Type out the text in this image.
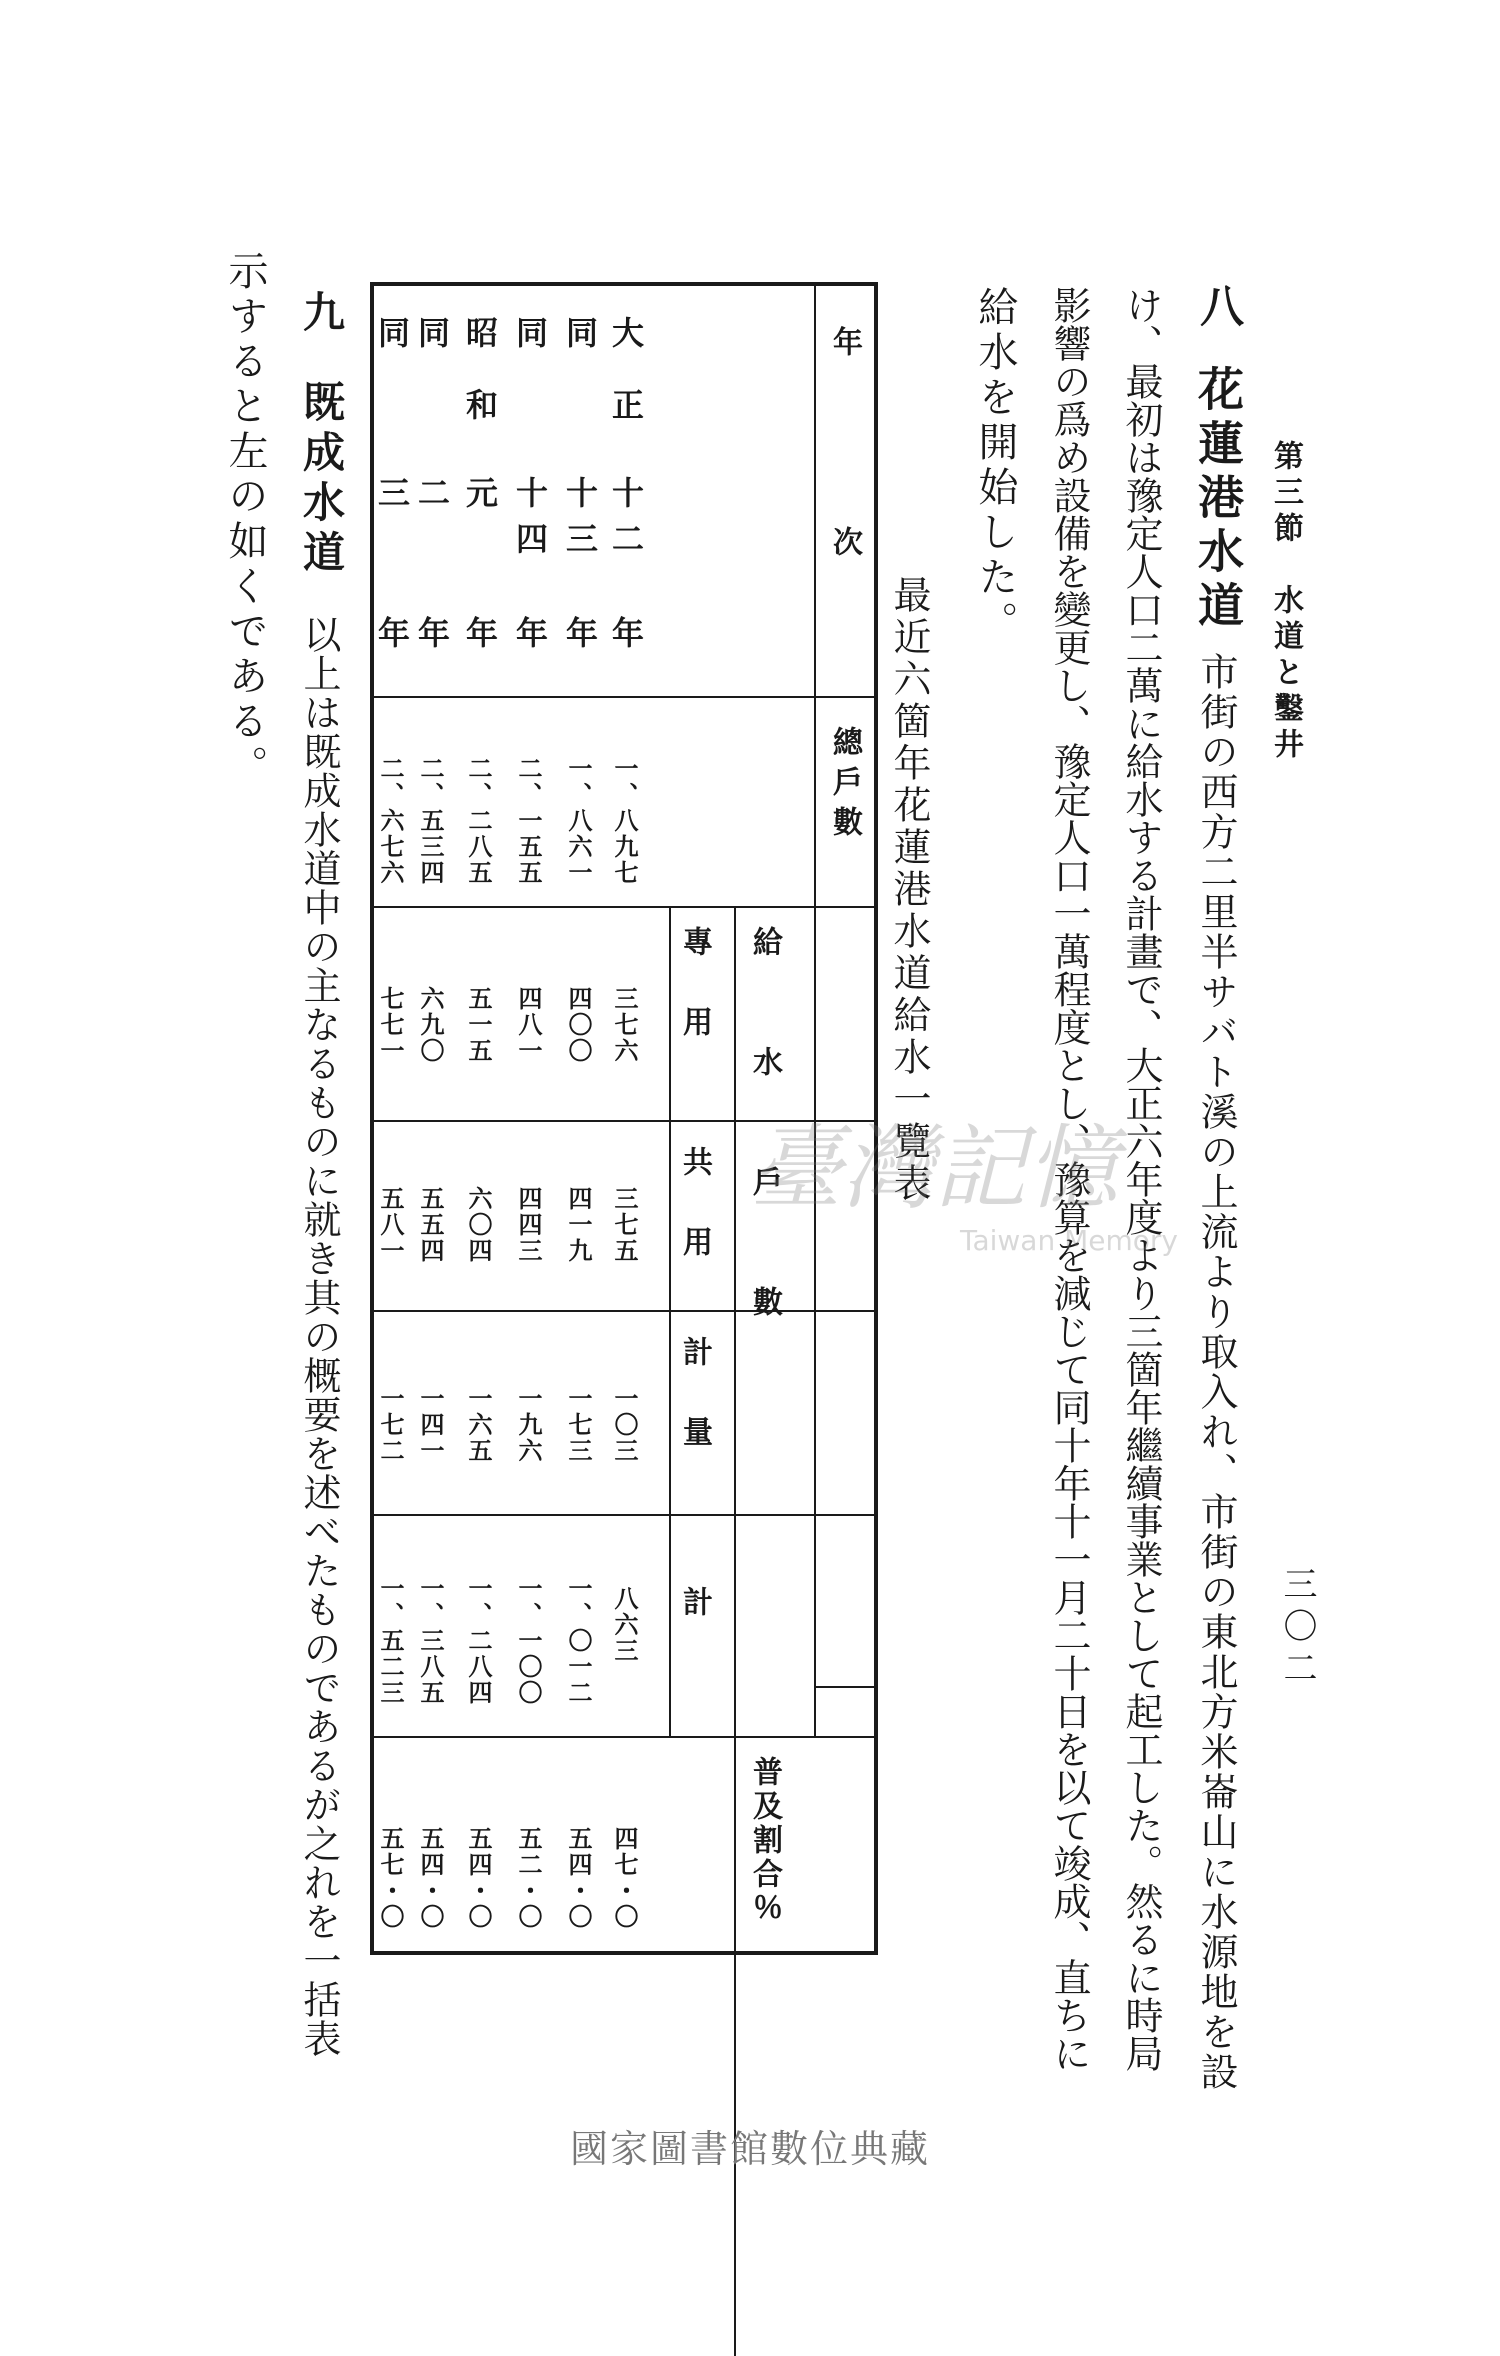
第三節　水道と鑿井
三〇二
八
花蓮港水道
市街の西方二里半サバト溪の上流より取入れ、市街の東北方米崙山に水源地を設
け、最初は豫定人口二萬に給水する計畫で、大正六年度より三箇年繼續事業として起工した。然るに時局
影響の爲め設備を變更し、豫定人口一萬程度とし、豫算を減じて同十年十一月二十日を以て竣成、直ちに
給水を開始した。
最近六箇年花蓮港水道給水一覽表
年　　　　次
總戶數
給　　水　　戶　　數
專　用
共　用
計　量
計
普及割合％
大正
十二
年
一、八九七
三七六
三七五
一〇三
八六三
四七・〇
同
十三
年
一、八六一
四〇〇
四一九
一七三
一、〇一二
五四・〇
同
十四
年
二、一五五
四八一
四四三
一九六
一、一〇〇
五二・〇
昭和
元
年
二、二八五
五一五
六〇四
一六五
一、二八四
五四・〇
同
二
年
二、五三四
六九〇
五五四
一四一
一、三八五
五四・〇
同
三
年
二、六七六
七七一
五八一
一七二
一、五二三
五七・〇
九
既成水道
以上は既成水道中の主なるものに就き其の概要を述べたものであるが之れを一括表
示すると左の如くである。
臺灣記憶
Taiwan Memory
國家圖書館數位典藏
